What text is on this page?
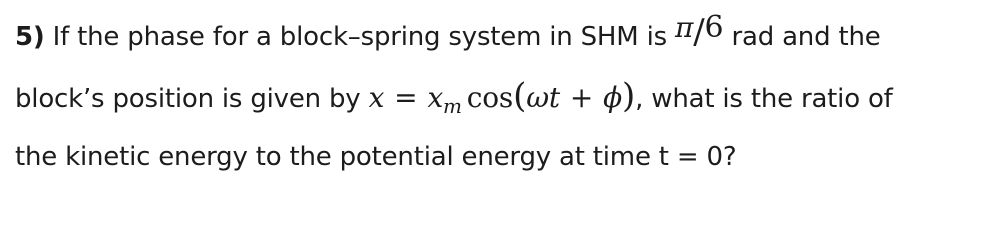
5) If the phase for a block–spring system in SHM is π/6 rad and the
block’s position is given by $x = x_m$ cos(ωt + ϕ), what is the ratio of
the kinetic energy to the potential energy at time t = 0?
